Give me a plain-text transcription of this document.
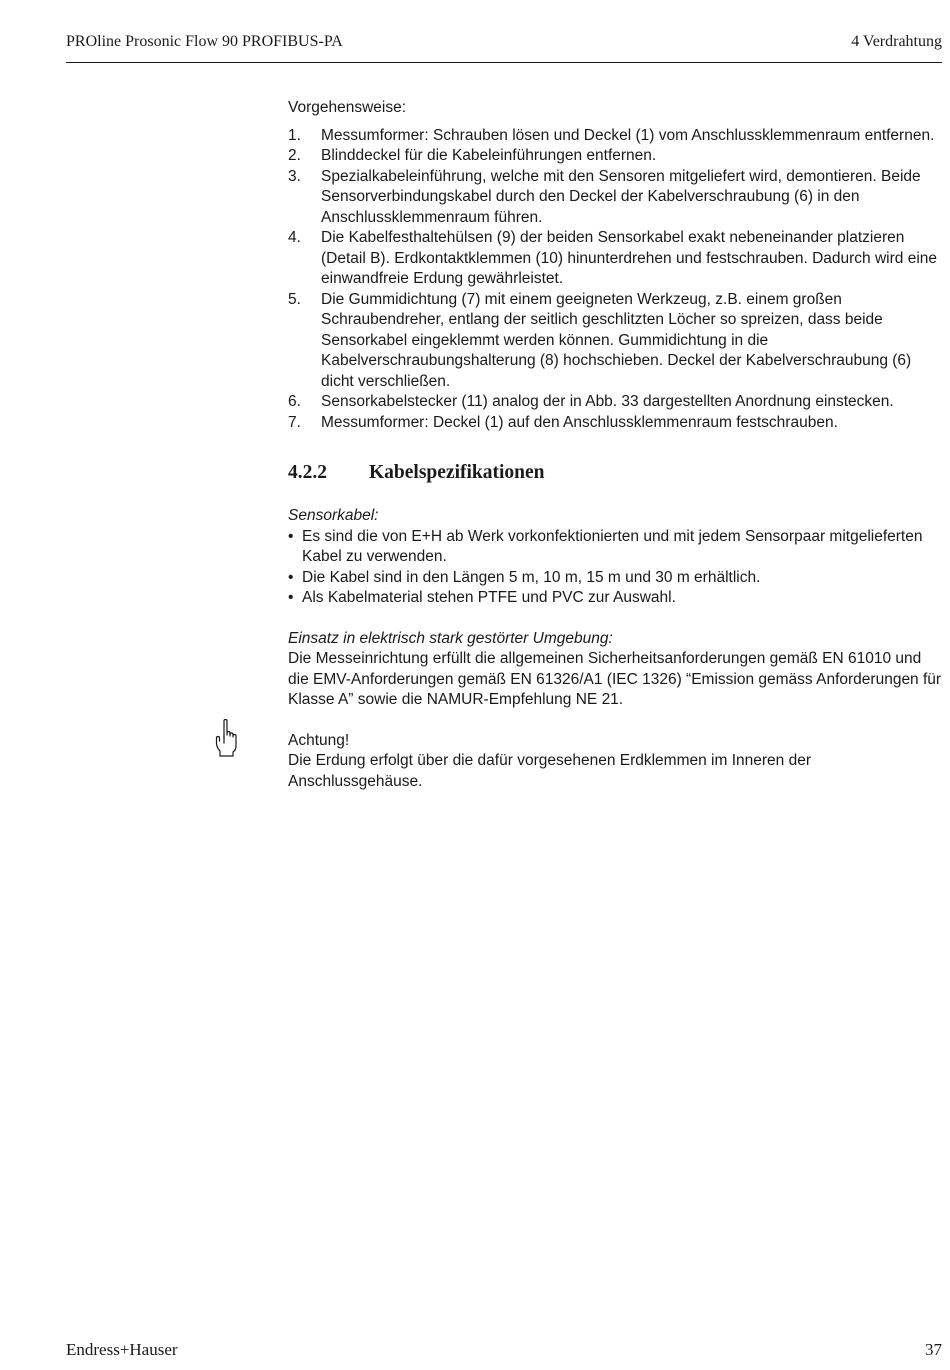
PROline Prosonic Flow 90 PROFIBUS-PA	4 Verdrahtung

Vorgehensweise:

1. Messumformer: Schrauben lösen und Deckel (1) vom Anschlussklemmenraum entfernen.
2. Blinddeckel für die Kabeleinführungen entfernen.
3. Spezialkabeleinführung, welche mit den Sensoren mitgeliefert wird, demontieren. Beide Sensorverbindungskabel durch den Deckel der Kabelverschraubung (6) in den Anschlussklemmenraum führen.
4. Die Kabelfesthaltehülsen (9) der beiden Sensorkabel exakt nebeneinander platzieren (Detail B). Erdkontaktklemmen (10) hinunterdrehen und festschrauben. Dadurch wird eine einwandfreie Erdung gewährleistet.
5. Die Gummidichtung (7) mit einem geeigneten Werkzeug, z.B. einem großen Schraubendreher, entlang der seitlich geschlitzten Löcher so spreizen, dass beide Sensorkabel eingeklemmt werden können. Gummidichtung in die Kabelverschraubungshalterung (8) hochschieben. Deckel der Kabelverschraubung (6) dicht verschließen.
6. Sensorkabelstecker (11) analog der in Abb. 33 dargestellten Anordnung einstecken.
7. Messumformer: Deckel (1) auf den Anschlussklemmenraum festschrauben.
4.2.2 Kabelspezifikationen

Sensorkabel:

• Es sind die von E+H ab Werk vorkonfektionierten und mit jedem Sensorpaar mitgelieferten Kabel zu verwenden.
• Die Kabel sind in den Längen 5 m, 10 m, 15 m und 30 m erhältlich.
• Als Kabelmaterial stehen PTFE und PVC zur Auswahl.

Einsatz in elektrisch stark gestörter Umgebung:

Die Messeinrichtung erfüllt die allgemeinen Sicherheitsanforderungen gemäß EN 61010 und die EMV-Anforderungen gemäß EN 61326/A1 (IEC 1326) “Emission gemäss Anforderungen für Klasse A” sowie die NAMUR-Empfehlung NE 21.

Achtung!

Die Erdung erfolgt über die dafür vorgesehenen Erdklemmen im Inneren der Anschlussgehäuse.

Endress+Hauser	37
